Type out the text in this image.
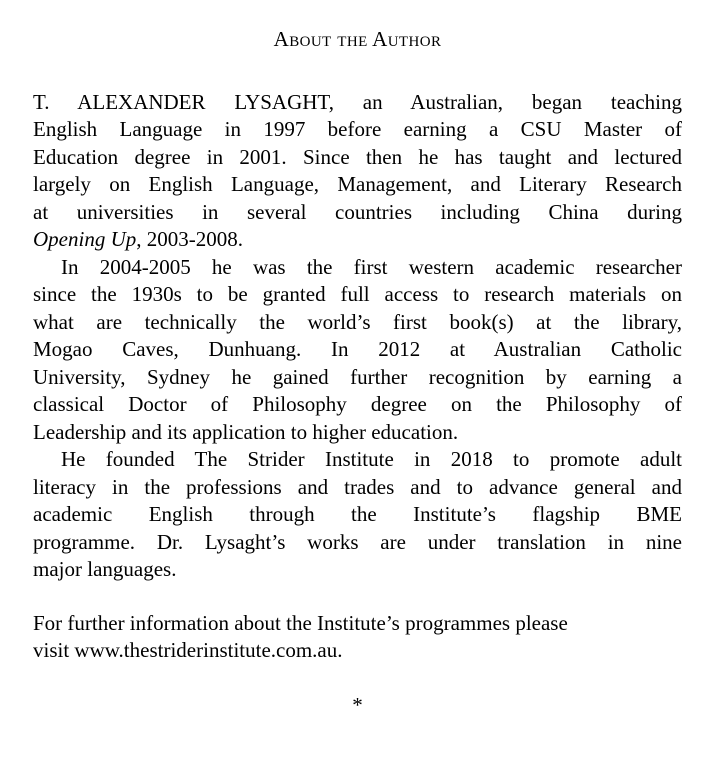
About the Author

T. ALEXANDER LYSAGHT, an Australian, began teaching
English Language in 1997 before earning a CSU Master of
Education degree in 2001. Since then he has taught and lectured
largely on English Language, Management, and Literary Research
at universities in several countries including China during
Opening Up, 2003-2008.

In 2004-2005 he was the first western academic researcher
since the 1930s to be granted full access to research materials on
what are technically the world’s first book(s) at the library,
Mogao Caves, Dunhuang. In 2012 at Australian Catholic
University, Sydney he gained further recognition by earning a
classical Doctor of Philosophy degree on the Philosophy of
Leadership and its application to higher education.

He founded The Strider Institute in 2018 to promote adult
literacy in the professions and trades and to advance general and
academic English through the Institute’s flagship BME
programme. Dr. Lysaght’s works are under translation in nine
major languages.

For further information about the Institute’s programmes please
visit www.thestriderinstitute.com.au.

*
